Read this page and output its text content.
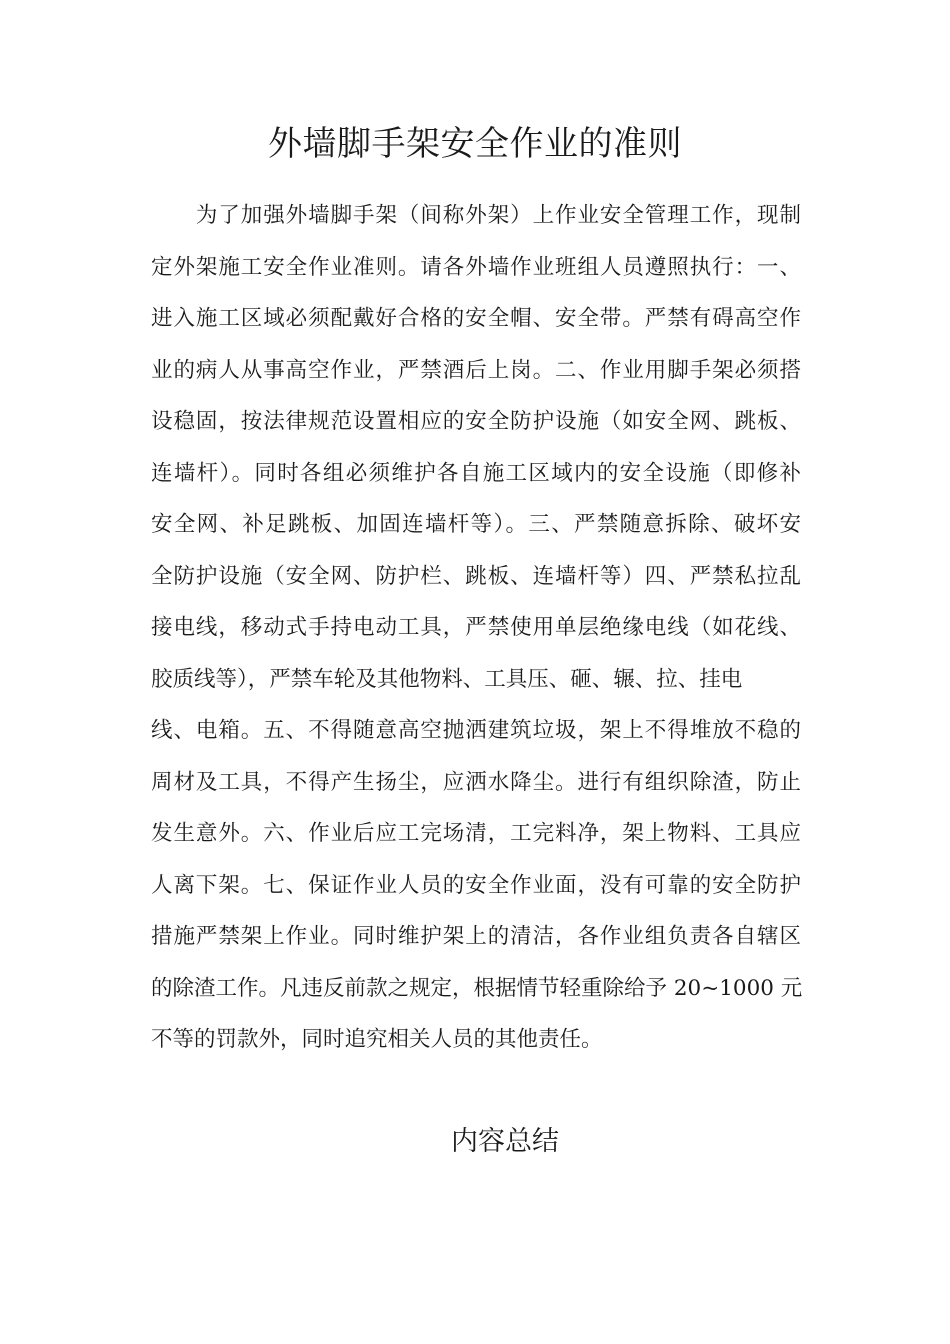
外墙脚手架安全作业的准则
　　为了加强外墙脚手架（间称外架）上作业安全管理工作，现制
定外架施工安全作业准则。请各外墙作业班组人员遵照执行：一、
进入施工区域必须配戴好合格的安全帽、安全带。严禁有碍高空作
业的病人从事高空作业，严禁酒后上岗。二、作业用脚手架必须搭
设稳固，按法律规范设置相应的安全防护设施（如安全网、跳板、
连墙杆）。同时各组必须维护各自施工区域内的安全设施（即修补
安全网、补足跳板、加固连墙杆等）。三、严禁随意拆除、破坏安
全防护设施（安全网、防护栏、跳板、连墙杆等）四、严禁私拉乱
接电线，移动式手持电动工具，严禁使用单层绝缘电线（如花线、
胶质线等），严禁车轮及其他物料、工具压、砸、辗、拉、挂电
线、电箱。五、不得随意高空抛洒建筑垃圾，架上不得堆放不稳的
周材及工具，不得产生扬尘，应洒水降尘。进行有组织除渣，防止
发生意外。六、作业后应工完场清，工完料净，架上物料、工具应
人离下架。七、保证作业人员的安全作业面，没有可靠的安全防护
措施严禁架上作业。同时维护架上的清洁，各作业组负责各自辖区
的除渣工作。凡违反前款之规定，根据情节轻重除给予 20~1000 元
不等的罚款外，同时追究相关人员的其他责任。
内容总结
